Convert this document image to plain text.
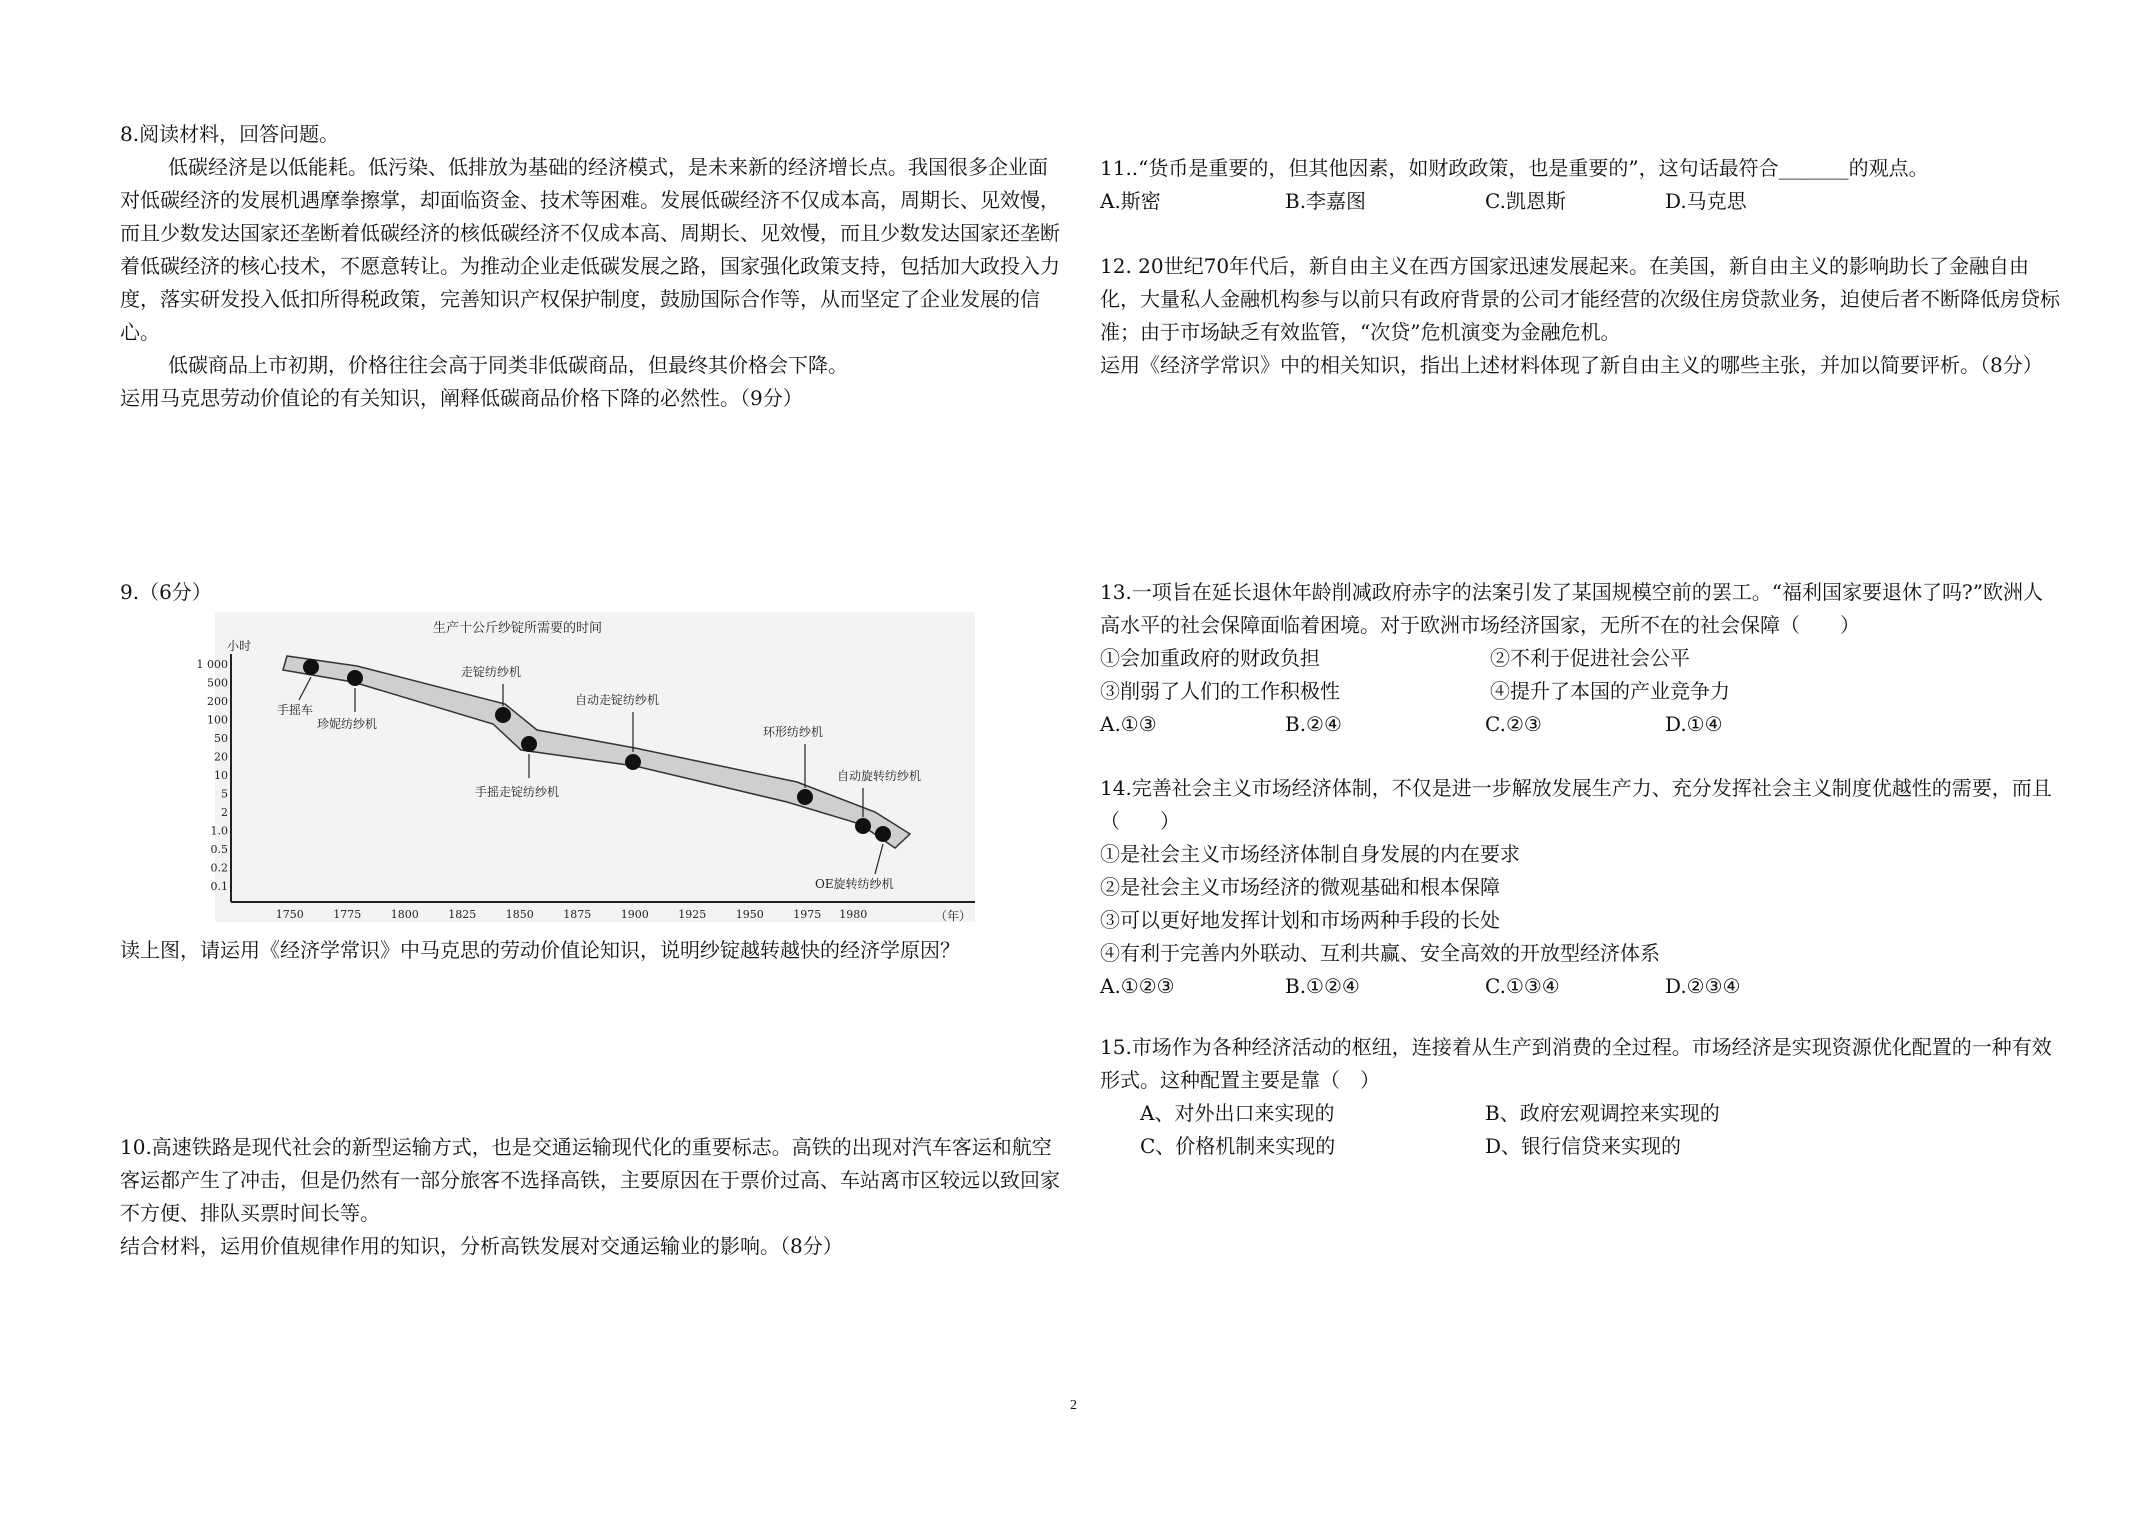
8.阅读材料，回答问题。

低碳经济是以低能耗。低污染、低排放为基础的经济模式，是未来新的经济增长点。我国很多企业面对低碳经济的发展机遇摩拳擦掌，却面临资金、技术等困难。发展低碳经济不仅成本高，周期长、见效慢，而且少数发达国家还垄断着低碳经济的核低碳经济不仅成本高、周期长、见效慢，而且少数发达国家还垄断着低碳经济的核心技术，不愿意转让。为推动企业走低碳发展之路，国家强化政策支持，包括加大政投入力度，落实研发投入低扣所得税政策，完善知识产权保护制度，鼓励国际合作等，从而坚定了企业发展的信心。

低碳商品上市初期，价格往往会高于同类非低碳商品，但最终其价格会下降。

运用马克思劳动价值论的有关知识，阐释低碳商品价格下降的必然性。（9分）

9.（6分）

生产十公斤纱锭所需要的时间
小时
1 000
500
200
100
50
20
10
5
2
1.0
0.5
0.2
0.1
1750	1775	1800	1825	1850	1875	1900	1925	1950	1975 1980
手摇车
珍妮纺纱机
走锭纺纱机
手摇走锭纺纱机
自动走锭纺纱机
环形纺纱机
自动旋转纺纱机
OE旋转纺纱机
（年）

读上图，请运用《经济学常识》中马克思的劳动价值论知识，说明纱锭越转越快的经济学原因？

10.高速铁路是现代社会的新型运输方式，也是交通运输现代化的重要标志。高铁的出现对汽车客运和航空客运都产生了冲击，但是仍然有一部分旅客不选择高铁，主要原因在于票价过高、车站离市区较远以致回家不方便、排队买票时间长等。

结合材料，运用价值规律作用的知识，分析高铁发展对交通运输业的影响。（8分）

11..“货币是重要的，但其他因素，如财政政策，也是重要的”，这句话最符合_______的观点。

A.斯密	B.李嘉图	C.凯恩斯	D.马克思

12. 20世纪70年代后，新自由主义在西方国家迅速发展起来。在美国，新自由主义的影响助长了金融自由化，大量私人金融机构参与以前只有政府背景的公司才能经营的次级住房贷款业务，迫使后者不断降低房贷标准；由于市场缺乏有效监管，“次贷”危机演变为金融危机。

运用《经济学常识》中的相关知识，指出上述材料体现了新自由主义的哪些主张，并加以简要评析。（8分）

13.一项旨在延长退休年龄削减政府赤字的法案引发了某国规模空前的罢工。“福利国家要退休了吗?”欧洲人高水平的社会保障面临着困境。对于欧洲市场经济国家，无所不在的社会保障（　　）

①会加重政府的财政负担	②不利于促进社会公平
③削弱了人们的工作积极性	④提升了本国的产业竞争力
A.①③	B.②④	C.②③	D.①④

14.完善社会主义市场经济体制，不仅是进一步解放发展生产力、充分发挥社会主义制度优越性的需要，而且（　　）

①是社会主义市场经济体制自身发展的内在要求

②是社会主义市场经济的微观基础和根本保障

③可以更好地发挥计划和市场两种手段的长处

④有利于完善内外联动、互利共赢、安全高效的开放型经济体系

A.①②③	B.①②④	C.①③④	D.②③④

15.市场作为各种经济活动的枢纽，连接着从生产到消费的全过程。市场经济是实现资源优化配置的一种有效形式。这种配置主要是靠（　）

A、对外出口来实现的	B、政府宏观调控来实现的
C、价格机制来实现的	D、银行信贷来实现的
2
